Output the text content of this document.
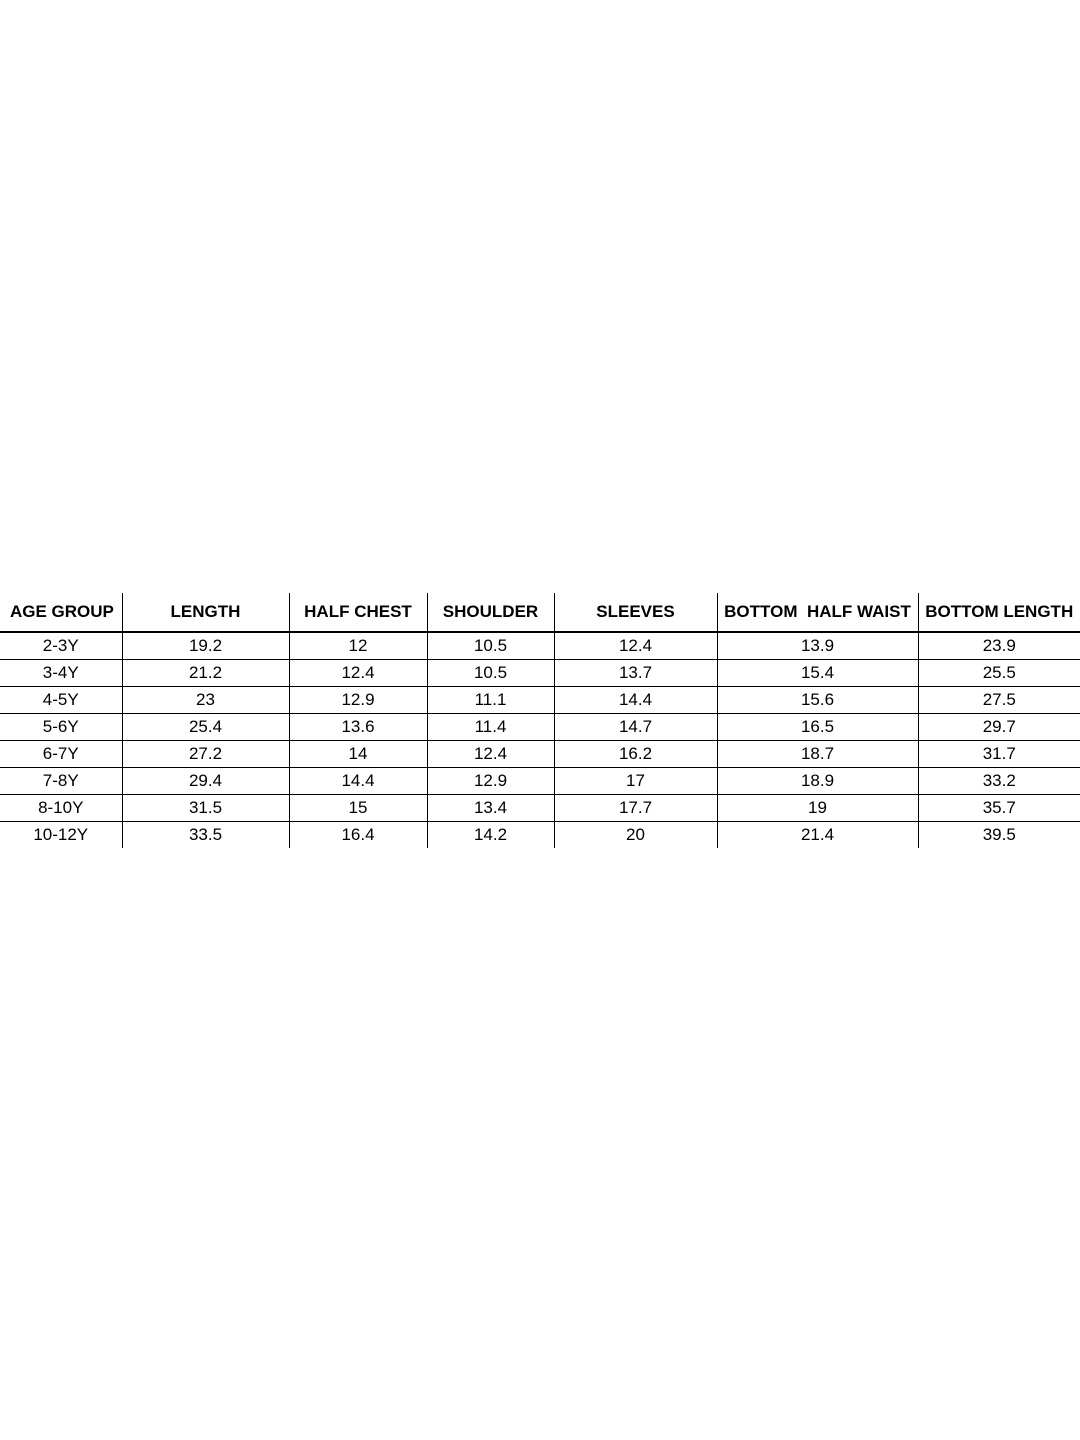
AGE GROUP	LENGTH	HALF CHEST	SHOULDER	SLEEVES	BOTTOM  HALF WAIST	BOTTOM LENGTH
2-3Y	19.2	12	10.5	12.4	13.9	23.9
3-4Y	21.2	12.4	10.5	13.7	15.4	25.5
4-5Y	23	12.9	11.1	14.4	15.6	27.5
5-6Y	25.4	13.6	11.4	14.7	16.5	29.7
6-7Y	27.2	14	12.4	16.2	18.7	31.7
7-8Y	29.4	14.4	12.9	17	18.9	33.2
8-10Y	31.5	15	13.4	17.7	19	35.7
10-12Y	33.5	16.4	14.2	20	21.4	39.5
